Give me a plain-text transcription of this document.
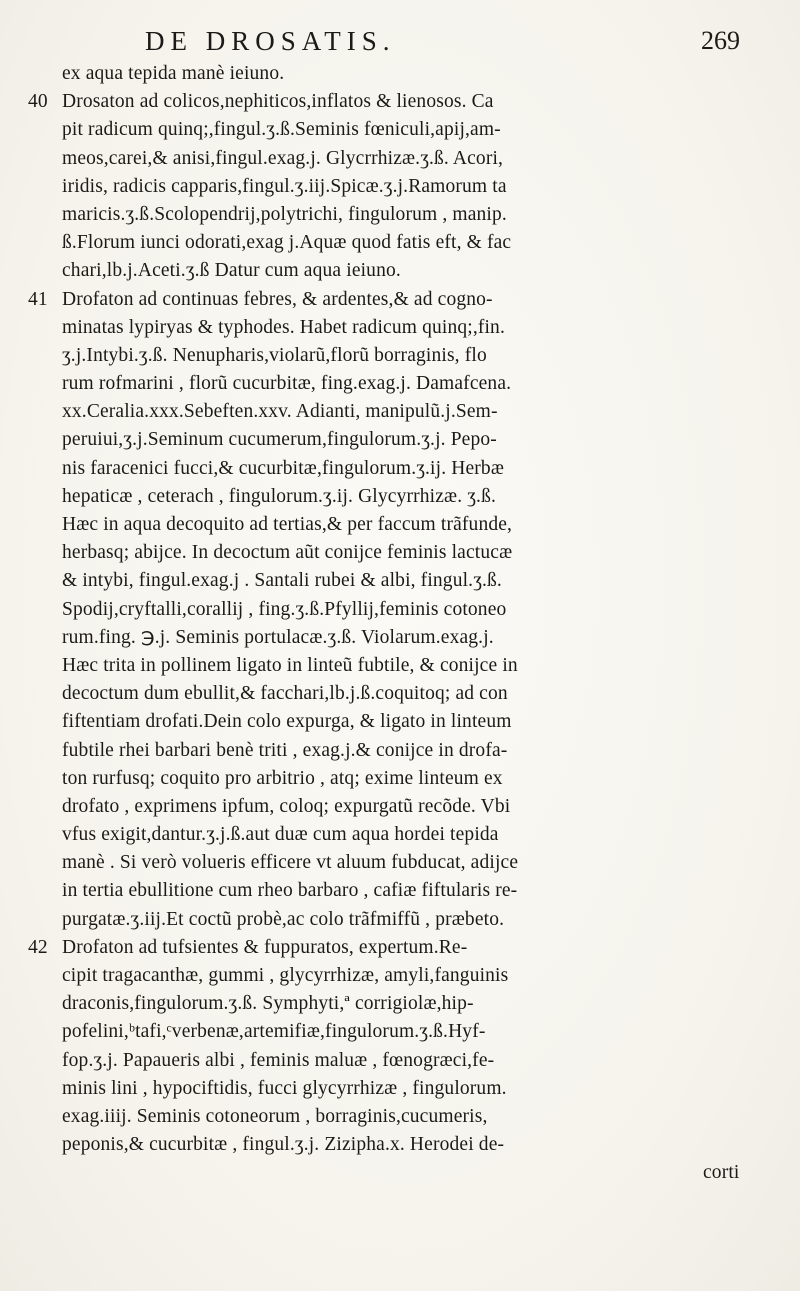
DE DROSATIS.	269
ex aqua tepida manè ieiuno.
40 Drosaton ad colicos,nephiticos,inflatos & lienosos. Ca
pit radicum quinq;,fingul.ʒ.ß.Seminis fœniculi,apij,am-
meos,carei,& anisi,fingul.exag.j. Glycrrhizæ.ʒ.ß. Acori,
iridis, radicis capparis,fingul.ʒ.iij.Spicæ.ʒ.j.Ramorum ta
maricis.ʒ.ß.Scolopendrij,polytrichi, fingulorum , manip.
ß.Florum iunci odorati,exag j.Aquæ quod fatis eft, & fac
chari,lb.j.Aceti.ʒ.ß Datur cum aqua ieiuno.
41 Drofaton ad continuas febres, & ardentes,& ad cogno-
minatas lypiryas & typhodes. Habet radicum quinq;,fin.
ʒ.j.Intybi.ʒ.ß. Nenupharis,violarũ,florũ borraginis, flo
rum rofmarini , florũ cucurbitæ, fing.exag.j. Damafcena.
xx.Ceralia.xxx.Sebeften.xxv. Adianti, manipulũ.j.Sem-
peruiui,ʒ.j.Seminum cucumerum,fingulorum.ʒ.j. Pepo-
nis faracenici fucci,& cucurbitæ,fingulorum.ʒ.ij. Herbæ
hepaticæ , ceterach , fingulorum.ʒ.ij. Glycyrrhizæ. ʒ.ß.
Hæc in aqua decoquito ad tertias,& per faccum trãfunde,
herbasq; abijce. In decoctum aũt conijce feminis lactucæ
& intybi, fingul.exag.j . Santali rubei & albi, fingul.ʒ.ß.
Spodij,cryftalli,corallij , fing.ʒ.ß.Pfyllij,feminis cotoneo
rum.fing. ℈.j. Seminis portulacæ.ʒ.ß. Violarum.exag.j.
Hæc trita in pollinem ligato in linteũ fubtile, & conijce in
decoctum dum ebullit,& facchari,lb.j.ß.coquitoq; ad con
fiftentiam drofati.Dein colo expurga, & ligato in linteum
fubtile rhei barbari benè triti , exag.j.& conijce in drofa-
ton rurfusq; coquito pro arbitrio , atq; exime linteum ex
drofato , exprimens ipfum, coloq; expurgatũ recõde. Vbi
vfus exigit,dantur.ʒ.j.ß.aut duæ cum aqua hordei tepida
manè . Si verò volueris efficere vt aluum fubducat, adijce
in tertia ebullitione cum rheo barbaro , cafiæ fiftularis re-
purgatæ.ʒ.iij.Et coctũ probè,ac colo trãfmiffũ , præbeto.
42 Drofaton ad tufsientes & fuppuratos, expertum.Re-
cipit tragacanthæ, gummi , glycyrrhizæ, amyli,fanguinis
draconis,fingulorum.ʒ.ß. Symphyti,ª corrigiolæ,hip-
pofelini,ᵇtafi,ᶜverbenæ,artemifiæ,fingulorum.ʒ.ß.Hyf-
fop.ʒ.j. Papaueris albi , feminis maluæ , fœnogræci,fe-
minis lini , hypociftidis, fucci glycyrrhizæ , fingulorum.
exag.iiij. Seminis cotoneorum , borraginis,cucumeris,
peponis,& cucurbitæ , fingul.ʒ.j. Zizipha.x. Herodei de-
corti
